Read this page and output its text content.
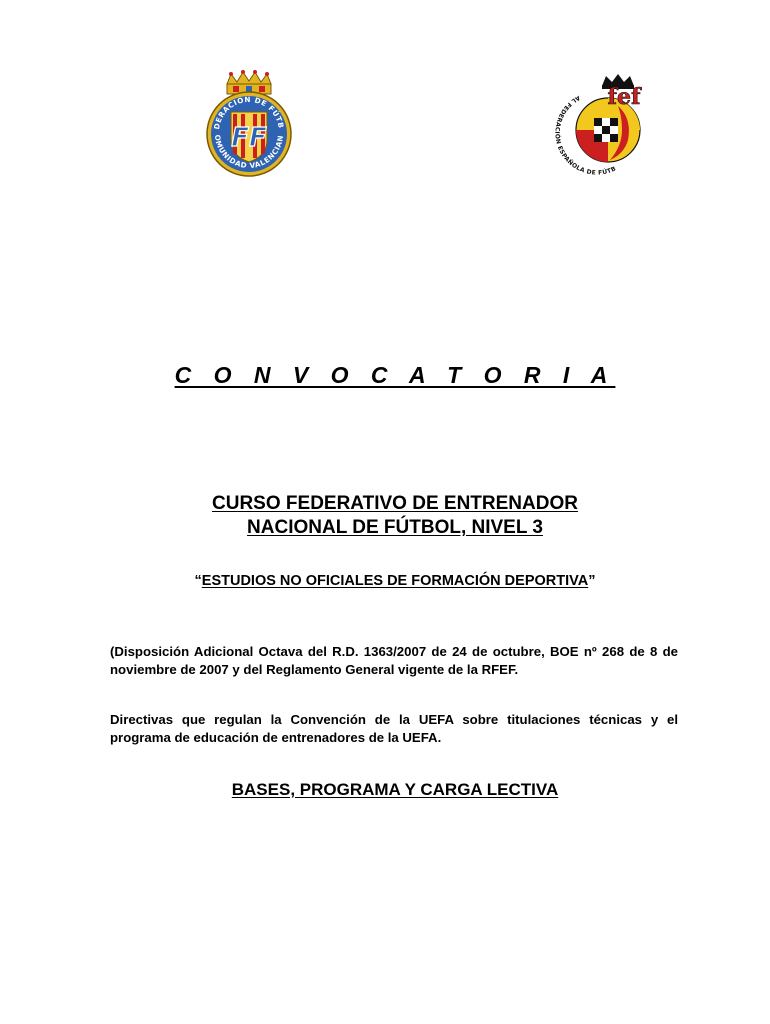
FF
DERACION DE FÚTB
OMUNIDAD VALENCIAN
fef
AL FEDERACIÓN ESPAÑOLA DE FÚTB
C O N V O C A T O R I A
CURSO FEDERATIVO DE ENTRENADOR
NACIONAL DE FÚTBOL, NIVEL 3
“ESTUDIOS NO OFICIALES DE FORMACIÓN DEPORTIVA”
(Disposición Adicional Octava del R.D. 1363/2007 de 24 de octubre, BOE nº 268 de 8 de noviembre de 2007 y del Reglamento General vigente de la RFEF.
Directivas que regulan la Convención de la UEFA sobre titulaciones técnicas y el programa de educación de entrenadores de la UEFA.
BASES, PROGRAMA Y CARGA LECTIVA
